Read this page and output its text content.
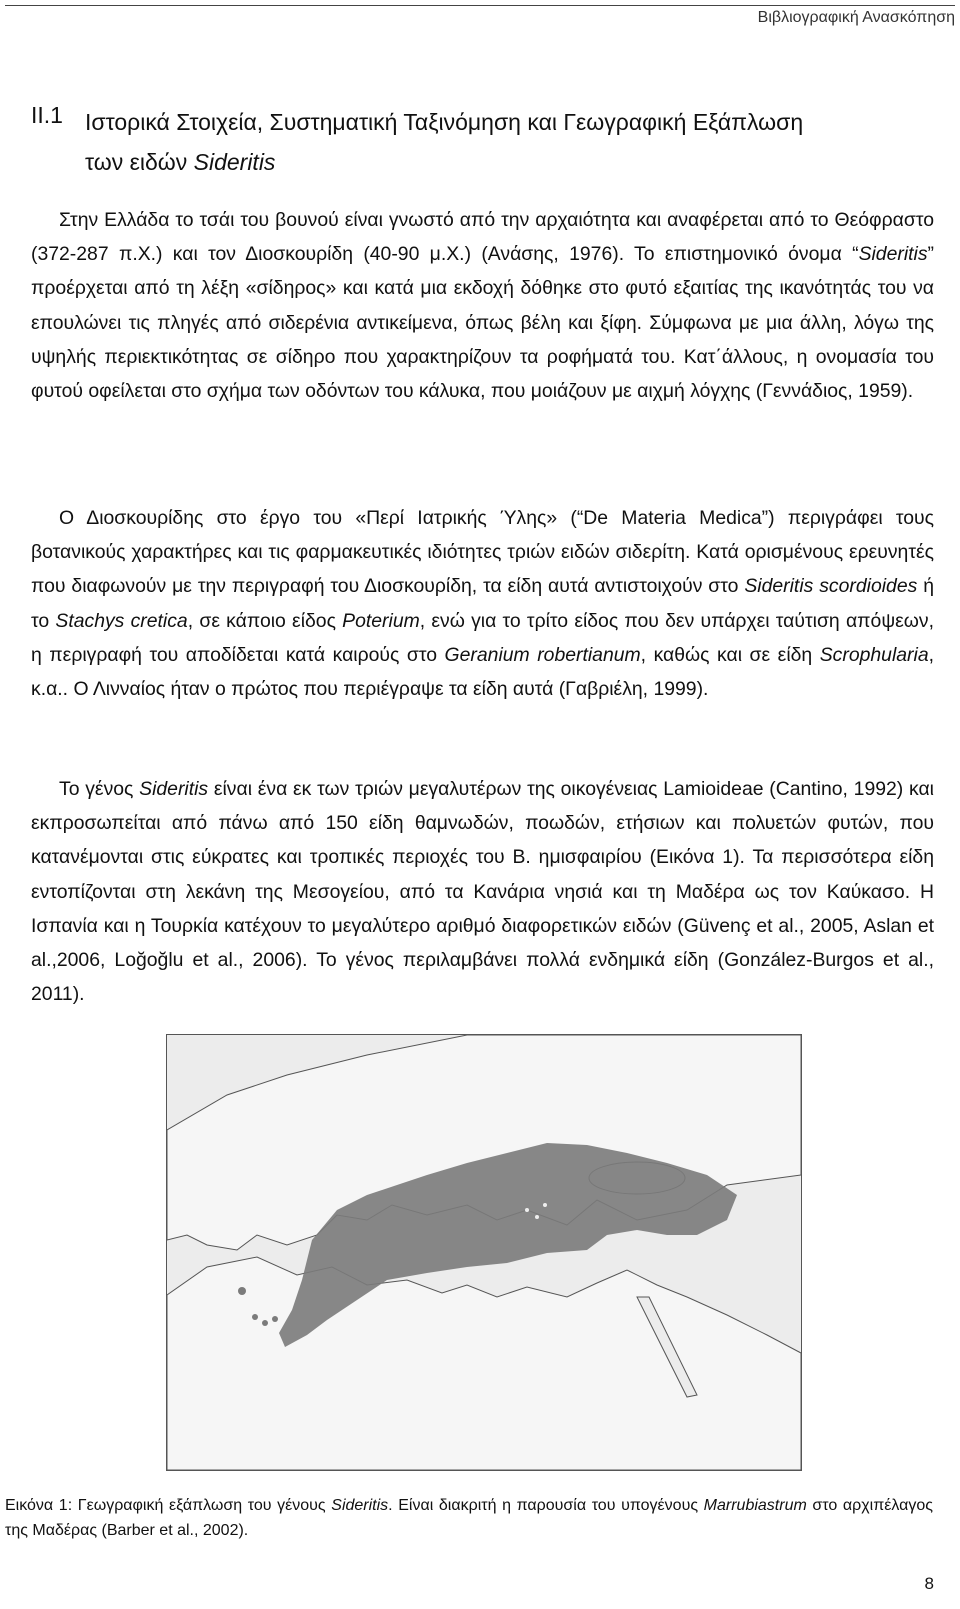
Βιβλιογραφική Ανασκόπηση
II.1 Ιστορικά Στοιχεία, Συστηματική Ταξινόμηση και Γεωγραφική Εξάπλωση
των ειδών Sideritis

Στην Ελλάδα το τσάι του βουνού είναι γνωστό από την αρχαιότητα και αναφέρεται από το Θεόφραστο (372-287 π.Χ.) και τον Διοσκουρίδη (40-90 μ.Χ.) (Ανάσης, 1976). Το επιστημονικό όνομα “Sideritis” προέρχεται από τη λέξη «σίδηρος» και κατά μια εκδοχή δόθηκε στο φυτό εξαιτίας της ικανότητάς του να επουλώνει τις πληγές από σιδερένια αντικείμενα, όπως βέλη και ξίφη. Σύμφωνα με μια άλλη, λόγω της υψηλής περιεκτικότητας σε σίδηρο που χαρακτηρίζουν τα ροφήματά του. Κατ΄άλλους, η ονομασία του φυτού οφείλεται στο σχήμα των οδόντων του κάλυκα, που μοιάζουν με αιχμή λόγχης (Γεννάδιος, 1959).

Ο Διοσκουρίδης στο έργο του «Περί Ιατρικής Ύλης» (“De Materia Medica”) περιγράφει τους βοτανικούς χαρακτήρες και τις φαρμακευτικές ιδιότητες τριών ειδών σιδερίτη. Κατά ορισμένους ερευνητές που διαφωνούν με την περιγραφή του Διοσκουρίδη, τα είδη αυτά αντιστοιχούν στο Sideritis scordioides ή το Stachys cretica, σε κάποιο είδος Poterium, ενώ για το τρίτο είδος που δεν υπάρχει ταύτιση απόψεων, η περιγραφή του αποδίδεται κατά καιρούς στο Geranium robertianum, καθώς και σε είδη Scrophularia, κ.α.. Ο Λινναίος ήταν ο πρώτος που περιέγραψε τα είδη αυτά (Γαβριέλη, 1999).

Το γένος Sideritis είναι ένα εκ των τριών μεγαλυτέρων της οικογένειας Lamioideae (Cantino, 1992) και εκπροσωπείται από πάνω από 150 είδη θαμνωδών, ποωδών, ετήσιων και πολυετών φυτών, που κατανέμονται στις εύκρατες και τροπικές περιοχές του Β. ημισφαιρίου (Εικόνα 1). Τα περισσότερα είδη εντοπίζονται στη λεκάνη της Μεσογείου, από τα Κανάρια νησιά και τη Μαδέρα ως τον Καύκασο. Η Ισπανία και η Τουρκία κατέχουν το μεγαλύτερο αριθμό διαφορετικών ειδών (Güvenç et al., 2005, Aslan et al.,2006, Loğoğlu et al., 2006). Το γένος περιλαμβάνει πολλά ενδημικά είδη (González-Burgos et al., 2011).

Εικόνα 1: Γεωγραφική εξάπλωση του γένους Sideritis. Είναι διακριτή η παρουσία του υπογένους Marrubiastrum στο αρχιπέλαγος της Μαδέρας (Barber et al., 2002).

8
